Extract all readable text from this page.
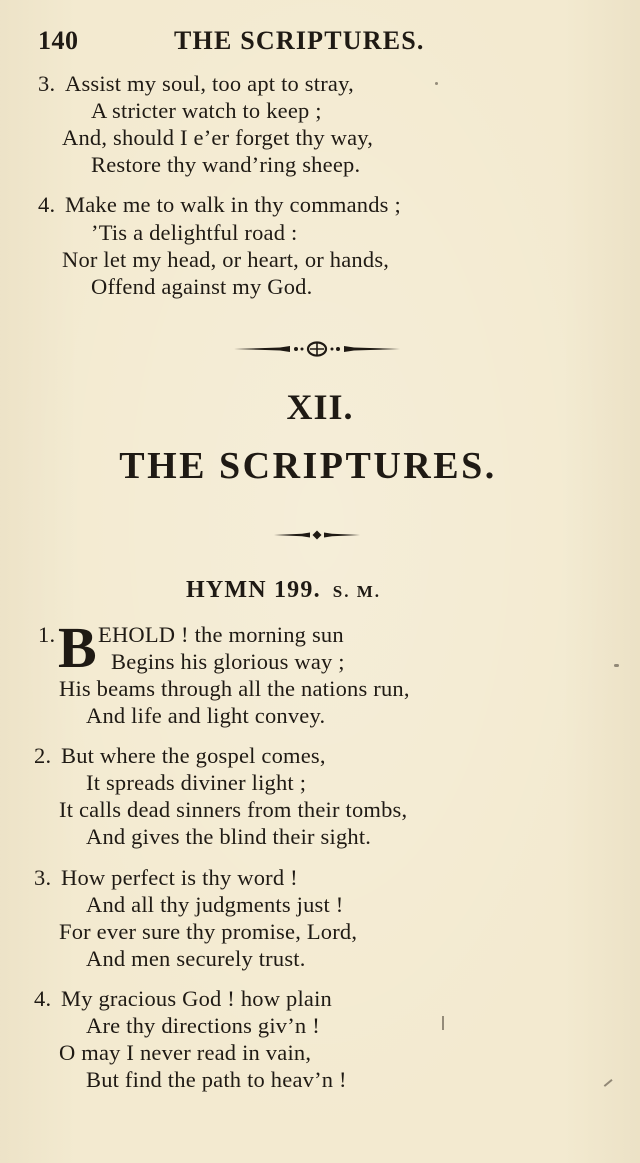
140	THE SCRIPTURES.
3. Assist my soul, too apt to stray,
A stricter watch to keep ;
And, should I e’er forget thy way,
Restore thy wand’ring sheep.
4. Make me to walk in thy commands ;
’Tis a delightful road :
Nor let my head, or heart, or hands,
Offend against my God.
XII.
THE SCRIPTURES.
HYMN 199. S. M.
1. B EHOLD ! the morning sun
Begins his glorious way ;
His beams through all the nations run,
And life and light convey.
2. But where the gospel comes,
It spreads diviner light ;
It calls dead sinners from their tombs,
And gives the blind their sight.
3. How perfect is thy word !
And all thy judgments just !
For ever sure thy promise, Lord,
And men securely trust.
4. My gracious God ! how plain
Are thy directions giv’n !
O may I never read in vain,
But find the path to heav’n !
